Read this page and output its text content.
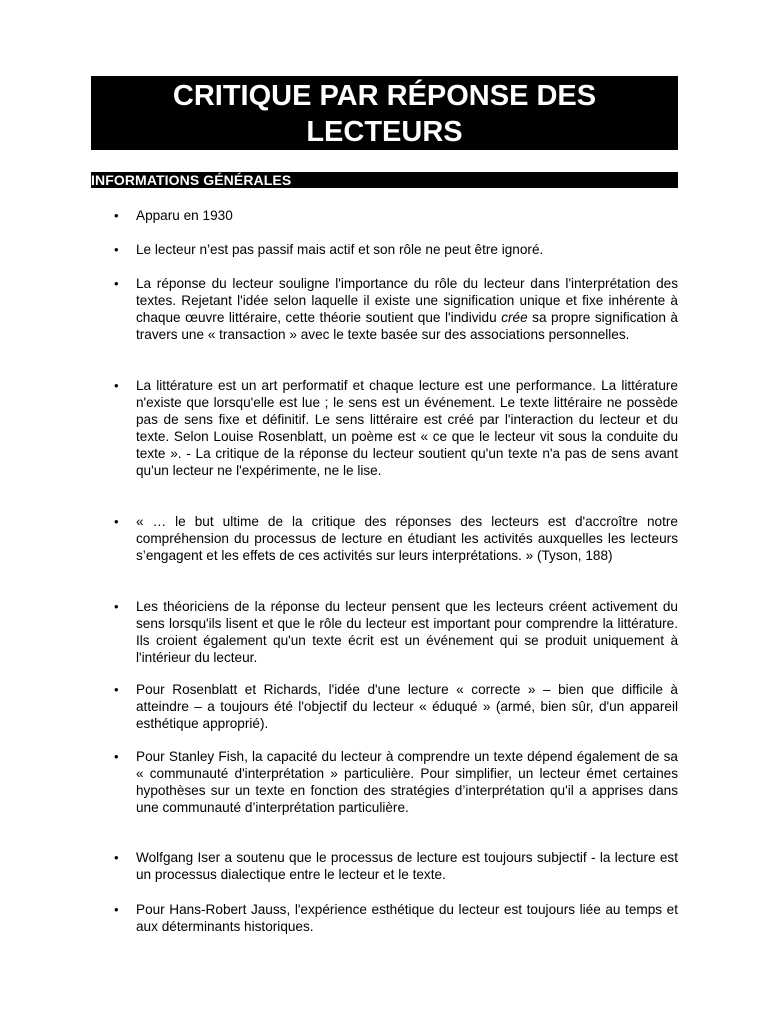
CRITIQUE PAR RÉPONSE DES
LECTEURS
INFORMATIONS GÉNÉRALES
• Apparu en 1930
• Le lecteur n’est pas passif mais actif et son rôle ne peut être ignoré.
• La réponse du lecteur souligne l'importance du rôle du lecteur dans l'interprétation des textes. Rejetant l'idée selon laquelle il existe une signification unique et fixe inhérente à chaque œuvre littéraire, cette théorie soutient que l'individu crée sa propre signification à travers une « transaction » avec le texte basée sur des associations personnelles.
• La littérature est un art performatif et chaque lecture est une performance. La littérature n'existe que lorsqu'elle est lue ; le sens est un événement. Le texte littéraire ne possède pas de sens fixe et définitif. Le sens littéraire est créé par l'interaction du lecteur et du texte. Selon Louise Rosenblatt, un poème est « ce que le lecteur vit sous la conduite du texte ». - La critique de la réponse du lecteur soutient qu'un texte n'a pas de sens avant qu'un lecteur ne l'expérimente, ne le lise.
• « … le but ultime de la critique des réponses des lecteurs est d'accroître notre compréhension du processus de lecture en étudiant les activités auxquelles les lecteurs s’engagent et les effets de ces activités sur leurs interprétations. » (Tyson, 188)
• Les théoriciens de la réponse du lecteur pensent que les lecteurs créent activement du sens lorsqu'ils lisent et que le rôle du lecteur est important pour comprendre la littérature. Ils croient également qu'un texte écrit est un événement qui se produit uniquement à l'intérieur du lecteur.
• Pour Rosenblatt et Richards, l'idée d'une lecture « correcte » – bien que difficile à atteindre – a toujours été l'objectif du lecteur « éduqué » (armé, bien sûr, d'un appareil esthétique approprié).
• Pour Stanley Fish, la capacité du lecteur à comprendre un texte dépend également de sa « communauté d'interprétation » particulière. Pour simplifier, un lecteur émet certaines hypothèses sur un texte en fonction des stratégies d’interprétation qu'il a apprises dans une communauté d’interprétation particulière.
• Wolfgang Iser a soutenu que le processus de lecture est toujours subjectif - la lecture est un processus dialectique entre le lecteur et le texte.
• Pour Hans-Robert Jauss, l'expérience esthétique du lecteur est toujours liée au temps et aux déterminants historiques.
